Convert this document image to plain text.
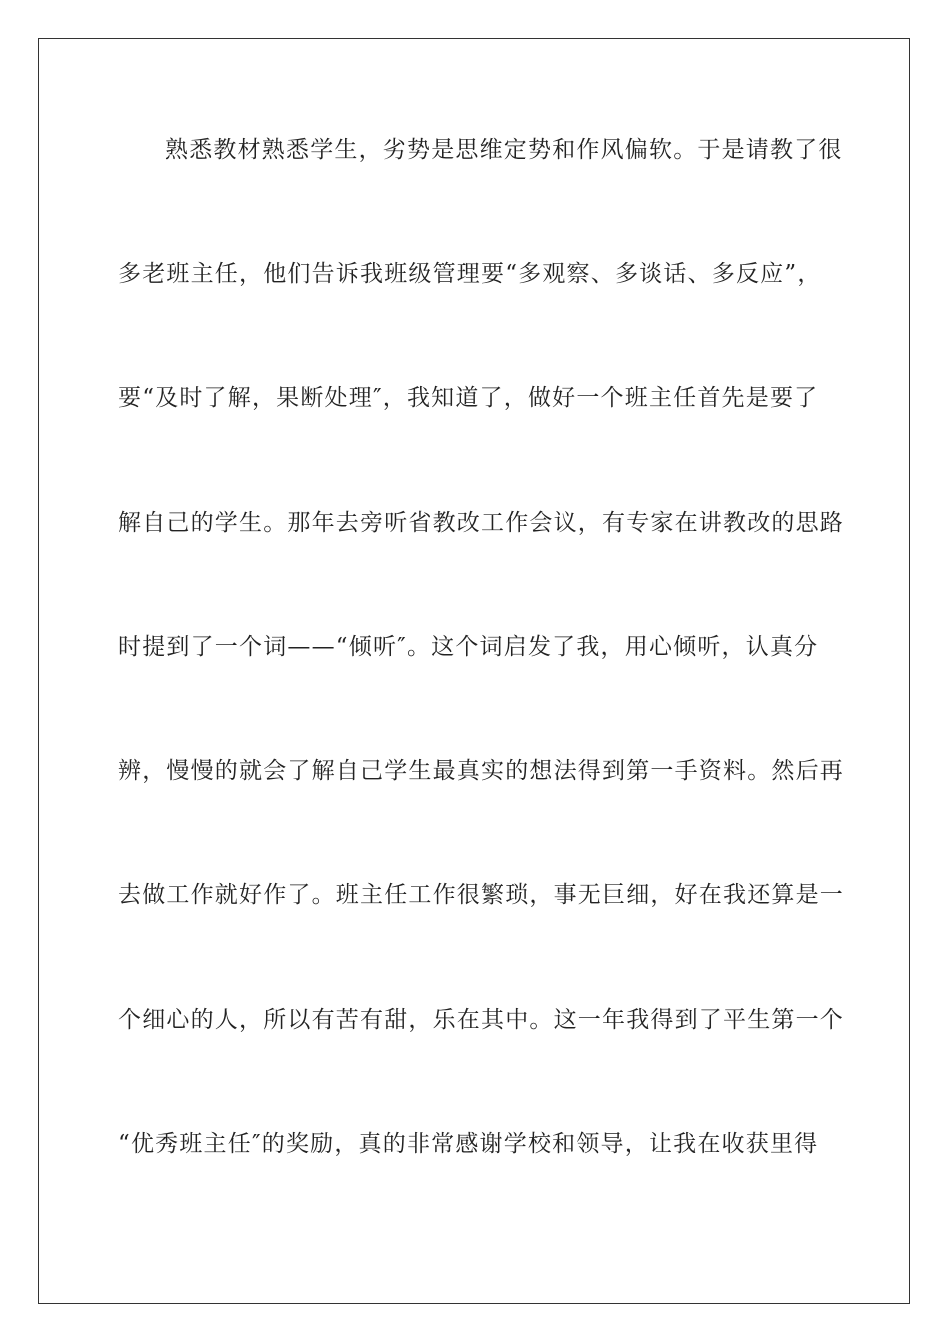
熟悉教材熟悉学生，劣势是思维定势和作风偏软。于是请教了很
多老班主任，他们告诉我班级管理要“多观察、多谈话、多反应”，
要“及时了解，果断处理″，我知道了，做好一个班主任首先是要了
解自己的学生。那年去旁听省教改工作会议，有专家在讲教改的思路
时提到了一个词——“倾听″。这个词启发了我，用心倾听，认真分
辨，慢慢的就会了解自己学生最真实的想法得到第一手资料。然后再
去做工作就好作了。班主任工作很繁琐，事无巨细，好在我还算是一
个细心的人，所以有苦有甜，乐在其中。这一年我得到了平生第一个
“优秀班主任″的奖励，真的非常感谢学校和领导，让我在收获里得
